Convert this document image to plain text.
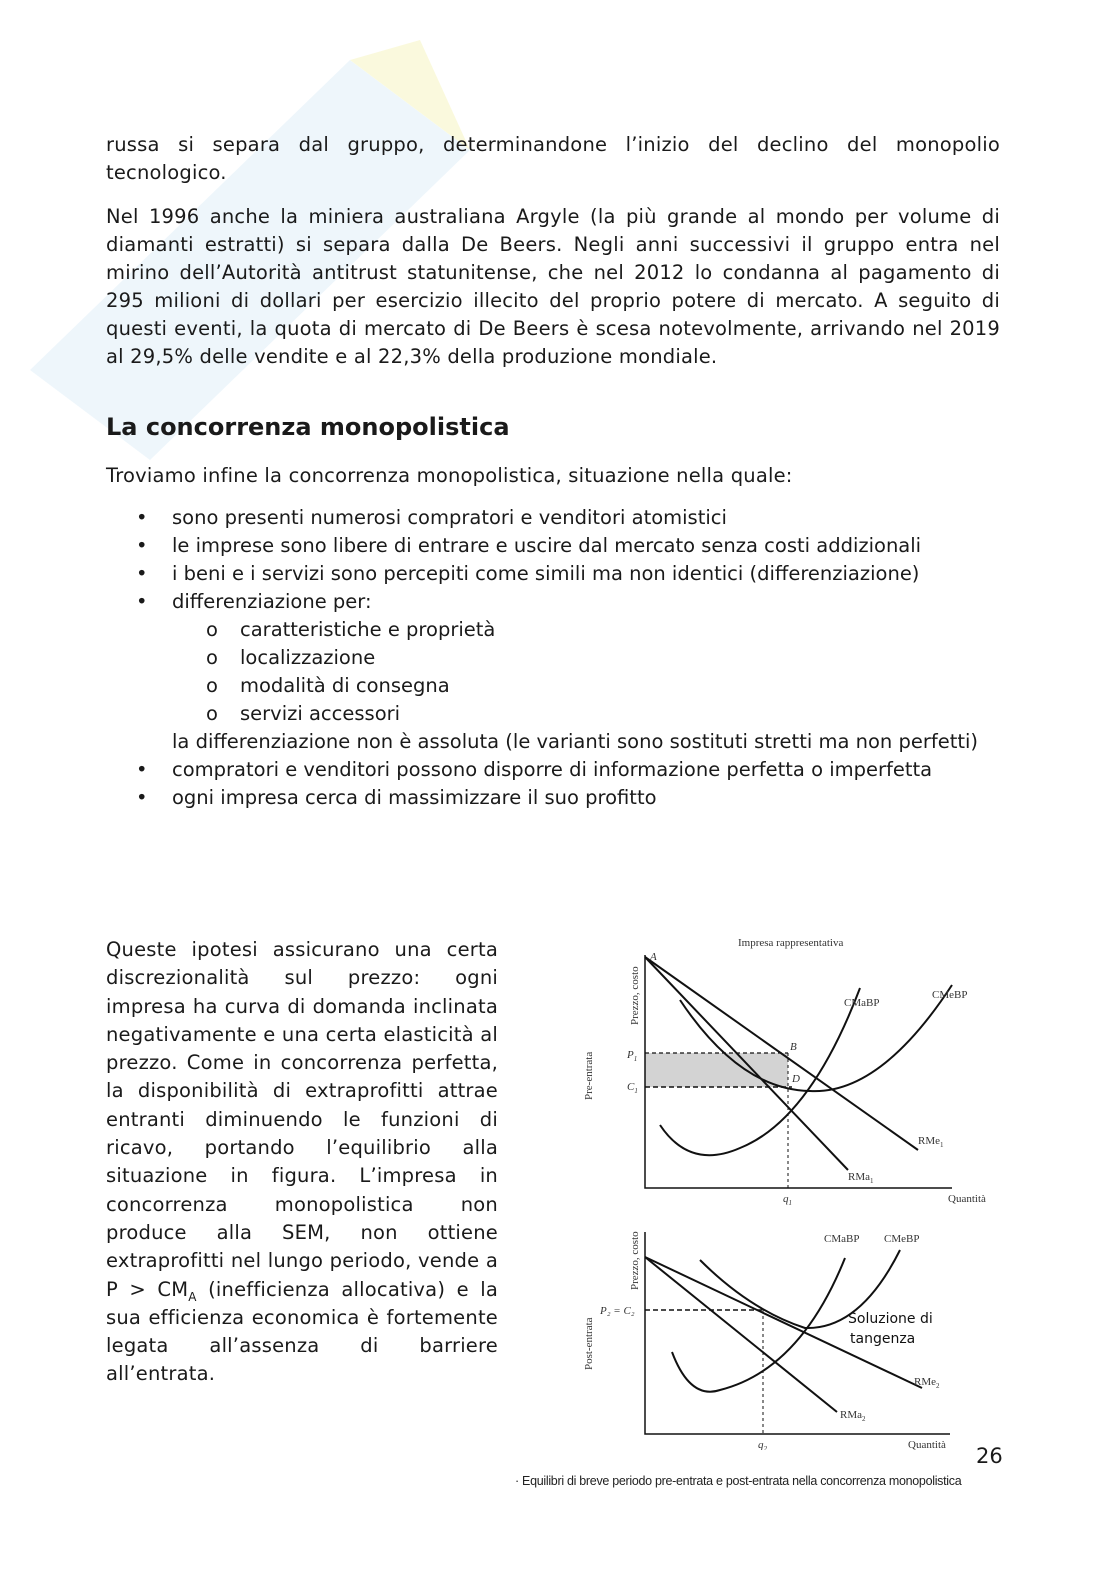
russa si separa dal gruppo, determinandone l’inizio del declino del monopolio tecnologico.
Nel 1996 anche la miniera australiana Argyle (la più grande al mondo per volume di diamanti estratti) si separa dalla De Beers. Negli anni successivi il gruppo entra nel mirino dell’Autorità antitrust statunitense, che nel 2012 lo condanna al pagamento di 295 milioni di dollari per esercizio illecito del proprio potere di mercato. A seguito di questi eventi, la quota di mercato di De Beers è scesa notevolmente, arrivando nel 2019 al 29,5% delle vendite e al 22,3% della produzione mondiale.
La concorrenza monopolistica
Troviamo infine la concorrenza monopolistica, situazione nella quale:
• sono presenti numerosi compratori e venditori atomistici
• le imprese sono libere di entrare e uscire dal mercato senza costi addizionali
• i beni e i servizi sono percepiti come simili ma non identici (differenziazione)
• differenziazione per:
o caratteristiche e proprietà
o localizzazione
o modalità di consegna
o servizi accessori
la differenziazione non è assoluta (le varianti sono sostituti stretti ma non perfetti)
• compratori e venditori possono disporre di informazione perfetta o imperfetta
• ogni impresa cerca di massimizzare il suo profitto
Queste ipotesi assicurano una certa discrezionalità sul prezzo: ogni impresa ha curva di domanda inclinata negativamente e una certa elasticità al prezzo. Come in concorrenza perfetta, la disponibilità di extraprofitti attrae entranti diminuendo le funzioni di ricavo, portando l’equilibrio alla situazione in figura. L’impresa in concorrenza monopolistica non produce alla SEM, non ottiene extraprofitti nel lungo periodo, vende a $P > CM_A$ (inefficienza allocativa) e la sua efficienza economica è fortemente legata all’assenza di barriere all’entrata.
Impresa rappresentativa
Prezzo, costo
Pre-entrata
Quantità
A
B
D
$P_1$
$C_1$
$q_1$
CMaBP
CMeBP
RMe$_1$
RMa$_1$
Prezzo, costo
Post-entrata
Quantità
P₂ = C₂
$q_2$
CMaBP CMeBP
RMe$_2$
RMa$_2$
Soluzione di
tangenza
26
· Equilibri di breve periodo pre-entrata e post-entrata nella concorrenza monopolistica
